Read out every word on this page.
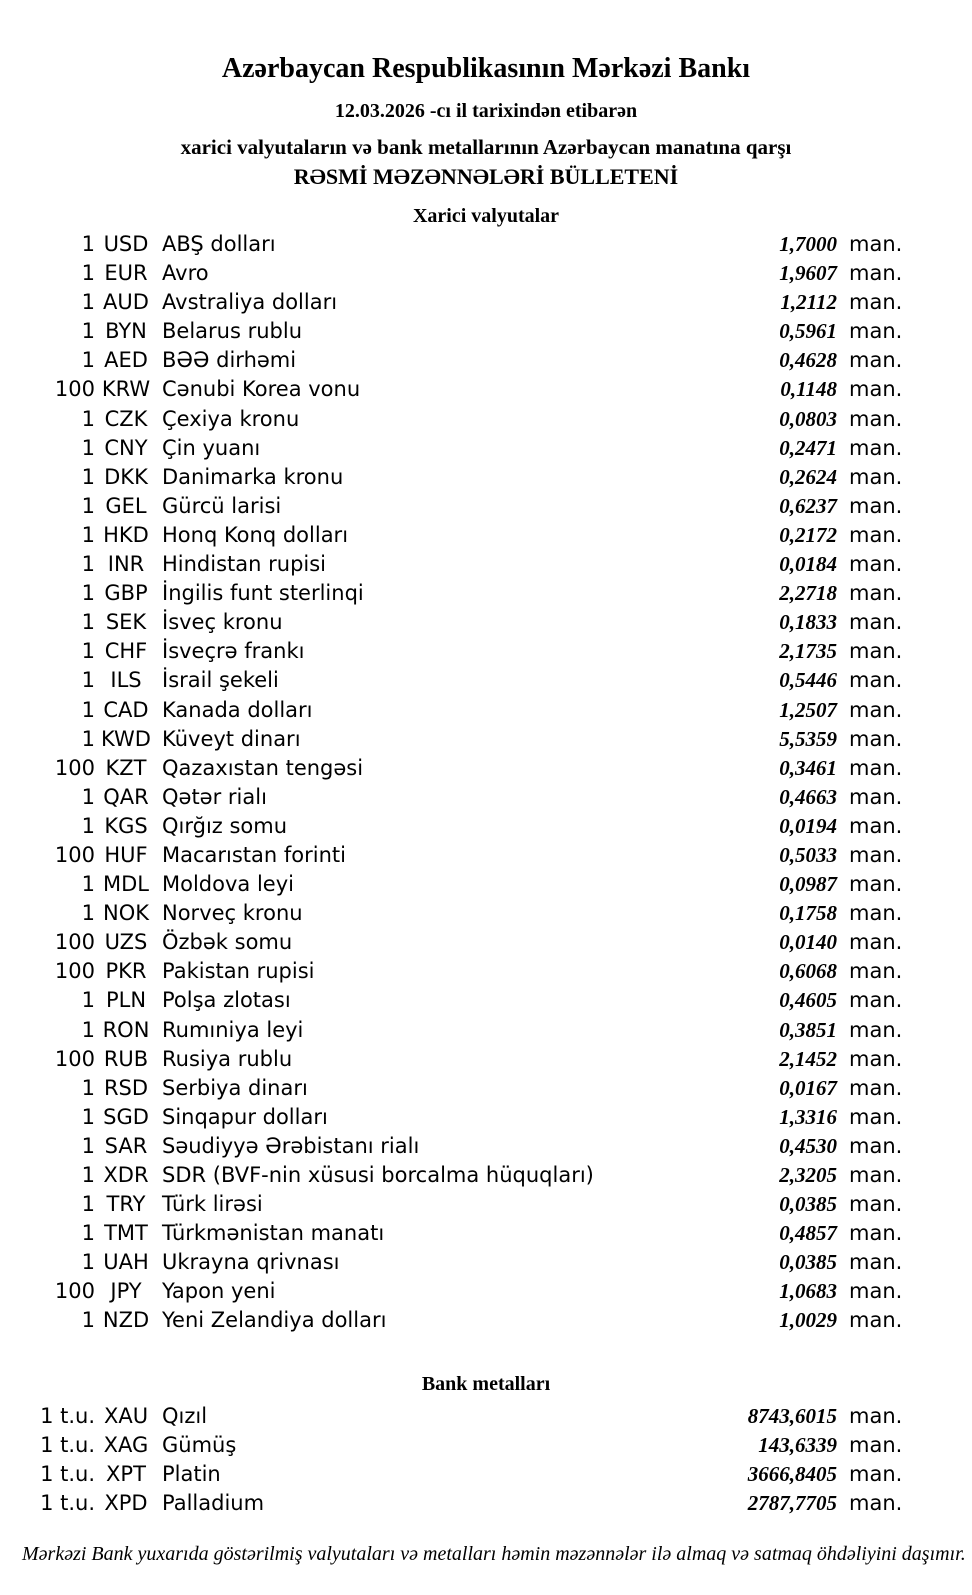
Azərbaycan Respublikasının Mərkəzi Bankı
12.03.2026 -cı il tarixindən etibarən
xarici valyutaların və bank metallarının Azərbaycan manatına qarşı
RƏSMİ MƏZƏNNƏLƏRİ BÜLLETENİ
Xarici valyutalar
1 USD ABŞ dolları	1,7000 man.
1 EUR Avro	1,9607 man.
1 AUD Avstraliya dolları	1,2112 man.
1 BYN Belarus rublu	0,5961 man.
1 AED BƏƏ dirhəmi	0,4628 man.
100 KRW Cənubi Korea vonu	0,1148 man.
1 CZK Çexiya kronu	0,0803 man.
1 CNY Çin yuanı	0,2471 man.
1 DKK Danimarka kronu	0,2624 man.
1 GEL Gürcü larisi	0,6237 man.
1 HKD Honq Konq dolları	0,2172 man.
1 INR Hindistan rupisi	0,0184 man.
1 GBP İngilis funt sterlinqi	2,2718 man.
1 SEK İsveç kronu	0,1833 man.
1 CHF İsveçrə frankı	2,1735 man.
1 ILS İsrail şekeli	0,5446 man.
1 CAD Kanada dolları	1,2507 man.
1 KWD Küveyt dinarı	5,5359 man.
100 KZT Qazaxıstan tengəsi	0,3461 man.
1 QAR Qətər rialı	0,4663 man.
1 KGS Qırğız somu	0,0194 man.
100 HUF Macarıstan forinti	0,5033 man.
1 MDL Moldova leyi	0,0987 man.
1 NOK Norveç kronu	0,1758 man.
100 UZS Özbək somu	0,0140 man.
100 PKR Pakistan rupisi	0,6068 man.
1 PLN Polşa zlotası	0,4605 man.
1 RON Rumıniya leyi	0,3851 man.
100 RUB Rusiya rublu	2,1452 man.
1 RSD Serbiya dinarı	0,0167 man.
1 SGD Sinqapur dolları	1,3316 man.
1 SAR Səudiyyə Ərəbistanı rialı	0,4530 man.
1 XDR SDR (BVF-nin xüsusi borcalma hüquqları)	2,3205 man.
1 TRY Türk lirəsi	0,0385 man.
1 TMT Türkmənistan manatı	0,4857 man.
1 UAH Ukrayna qrivnası	0,0385 man.
100 JPY Yapon yeni	1,0683 man.
1 NZD Yeni Zelandiya dolları	1,0029 man.
Bank metalları
1 t.u. XAU Qızıl	8743,6015 man.
1 t.u. XAG Gümüş	143,6339 man.
1 t.u. XPT Platin	3666,8405 man.
1 t.u. XPD Palladium	2787,7705 man.
Mərkəzi Bank yuxarıda göstərilmiş valyutaları və metalları həmin məzənnələr ilə almaq və satmaq öhdəliyini daşımır.
